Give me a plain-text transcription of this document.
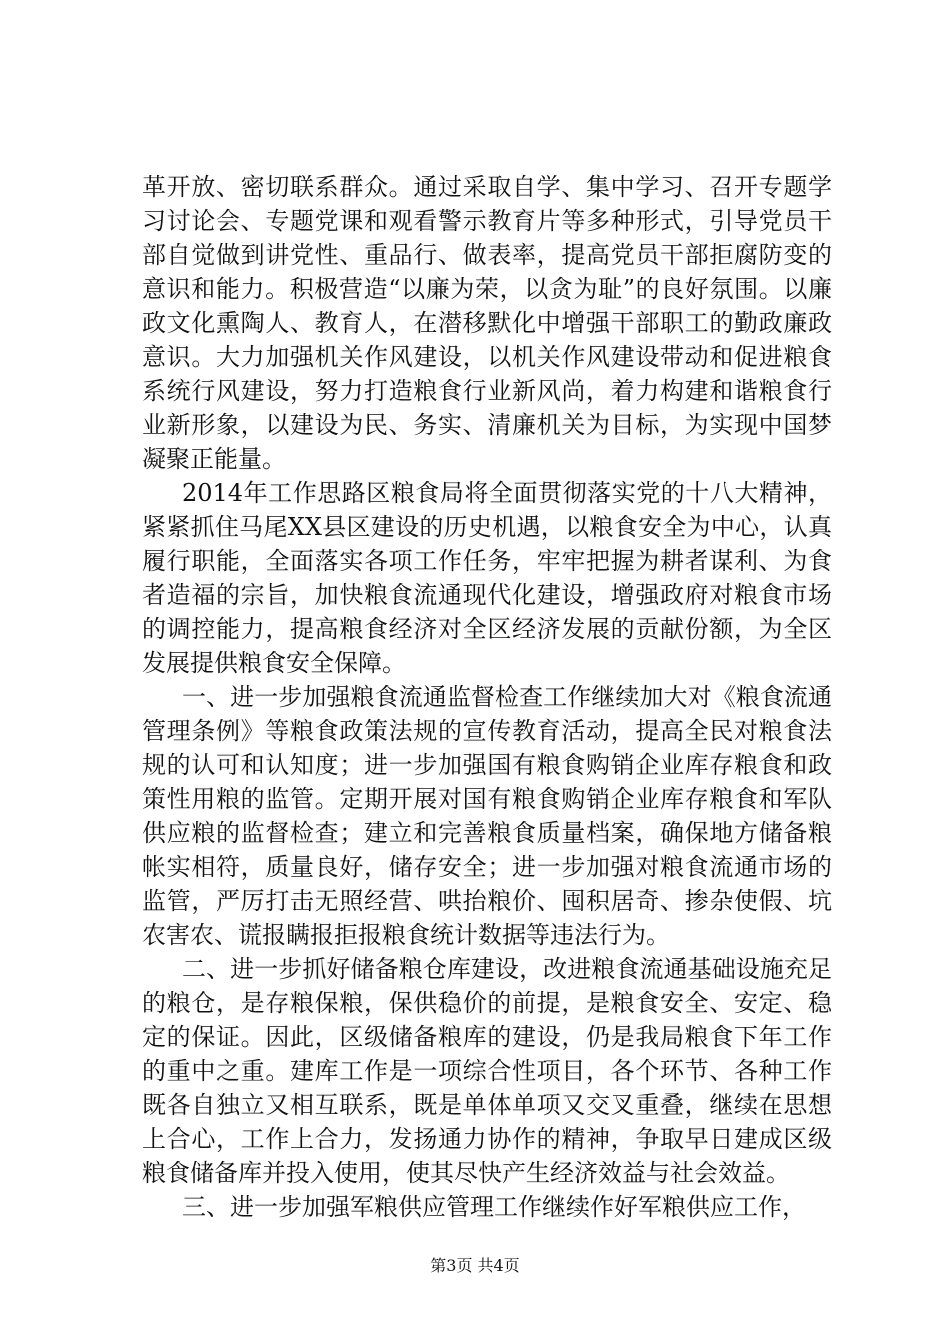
革开放、密切联系群众。通过采取自学、集中学习、召开专题学习讨论会、专题党课和观看警示教育片等多种形式，引导党员干部自觉做到讲党性、重品行、做表率，提高党员干部拒腐防变的意识和能力。积极营造“以廉为荣，以贪为耻”的良好氛围。以廉政文化熏陶人、教育人，在潜移默化中增强干部职工的勤政廉政意识。大力加强机关作风建设，以机关作风建设带动和促进粮食系统行风建设，努力打造粮食行业新风尚，着力构建和谐粮食行业新形象，以建设为民、务实、清廉机关为目标，为实现中国梦凝聚正能量。

2014年工作思路区粮食局将全面贯彻落实党的十八大精神，紧紧抓住马尾XX县区建设的历史机遇，以粮食安全为中心，认真履行职能，全面落实各项工作任务，牢牢把握为耕者谋利、为食者造福的宗旨，加快粮食流通现代化建设，增强政府对粮食市场的调控能力，提高粮食经济对全区经济发展的贡献份额，为全区发展提供粮食安全保障。

一、进一步加强粮食流通监督检查工作继续加大对《粮食流通管理条例》等粮食政策法规的宣传教育活动，提高全民对粮食法规的认可和认知度；进一步加强国有粮食购销企业库存粮食和政策性用粮的监管。定期开展对国有粮食购销企业库存粮食和军队供应粮的监督检查；建立和完善粮食质量档案，确保地方储备粮帐实相符，质量良好，储存安全；进一步加强对粮食流通市场的监管，严厉打击无照经营、哄抬粮价、囤积居奇、掺杂使假、坑农害农、谎报瞒报拒报粮食统计数据等违法行为。

二、进一步抓好储备粮仓库建设，改进粮食流通基础设施充足的粮仓，是存粮保粮，保供稳价的前提，是粮食安全、安定、稳定的保证。因此，区级储备粮库的建设，仍是我局粮食下年工作的重中之重。建库工作是一项综合性项目，各个环节、各种工作既各自独立又相互联系，既是单体单项又交叉重叠，继续在思想上合心，工作上合力，发扬通力协作的精神，争取早日建成区级粮食储备库并投入使用，使其尽快产生经济效益与社会效益。

三、进一步加强军粮供应管理工作继续作好军粮供应工作，

第3页 共4页
